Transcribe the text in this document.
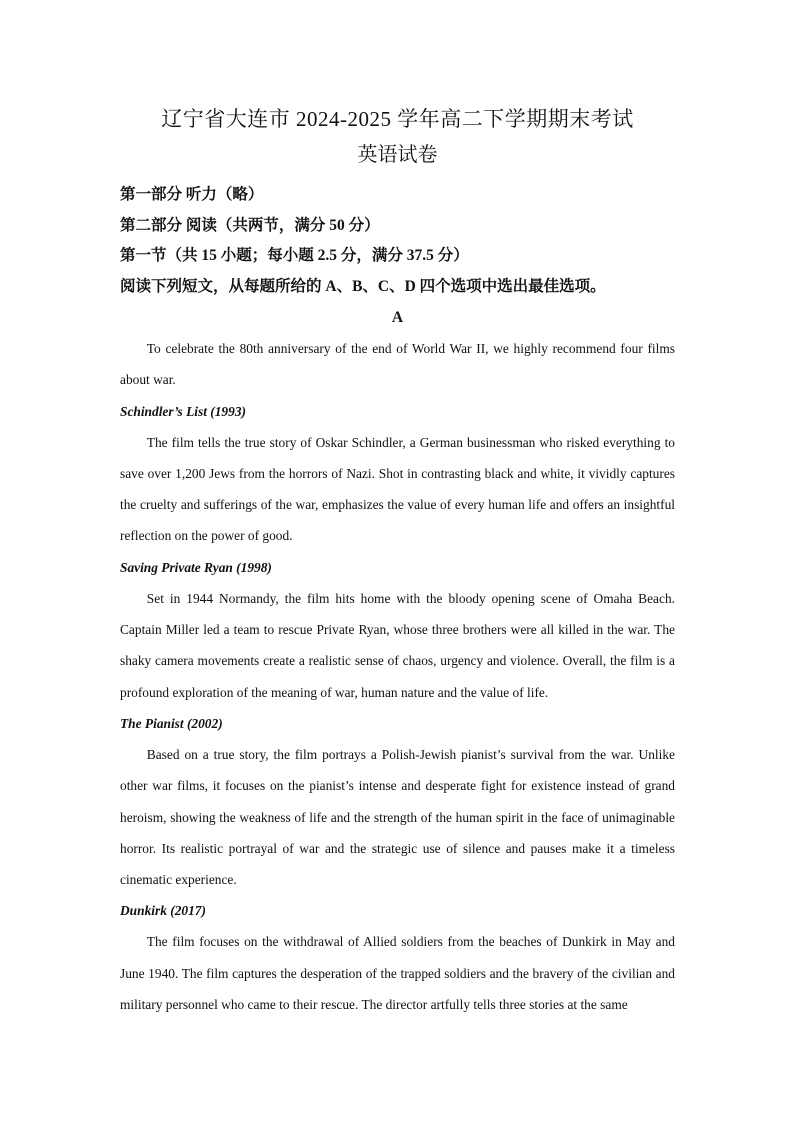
辽宁省大连市 2024-2025 学年高二下学期期末考试
英语试卷
第一部分 听力（略）
第二部分 阅读（共两节，满分 50 分）
第一节（共 15 小题；每小题 2.5 分，满分 37.5 分）
阅读下列短文，从每题所给的 A、B、C、D 四个选项中选出最佳选项。
A

To celebrate the 80th anniversary of the end of World War II, we highly recommend four films about war.

Schindler’s List (1993)

The film tells the true story of Oskar Schindler, a German businessman who risked everything to save over 1,200 Jews from the horrors of Nazi. Shot in contrasting black and white, it vividly captures the cruelty and sufferings of the war, emphasizes the value of every human life and offers an insightful reflection on the power of good.

Saving Private Ryan (1998)

Set in 1944 Normandy, the film hits home with the bloody opening scene of Omaha Beach. Captain Miller led a team to rescue Private Ryan, whose three brothers were all killed in the war. The shaky camera movements create a realistic sense of chaos, urgency and violence. Overall, the film is a profound exploration of the meaning of war, human nature and the value of life.

The Pianist (2002)

Based on a true story, the film portrays a Polish-Jewish pianist’s survival from the war. Unlike other war films, it focuses on the pianist’s intense and desperate fight for existence instead of grand heroism, showing the weakness of life and the strength of the human spirit in the face of unimaginable horror. Its realistic portrayal of war and the strategic use of silence and pauses make it a timeless cinematic experience.

Dunkirk (2017)

The film focuses on the withdrawal of Allied soldiers from the beaches of Dunkirk in May and June 1940. The film captures the desperation of the trapped soldiers and the bravery of the civilian and military personnel who came to their rescue. The director artfully tells three stories at the same
